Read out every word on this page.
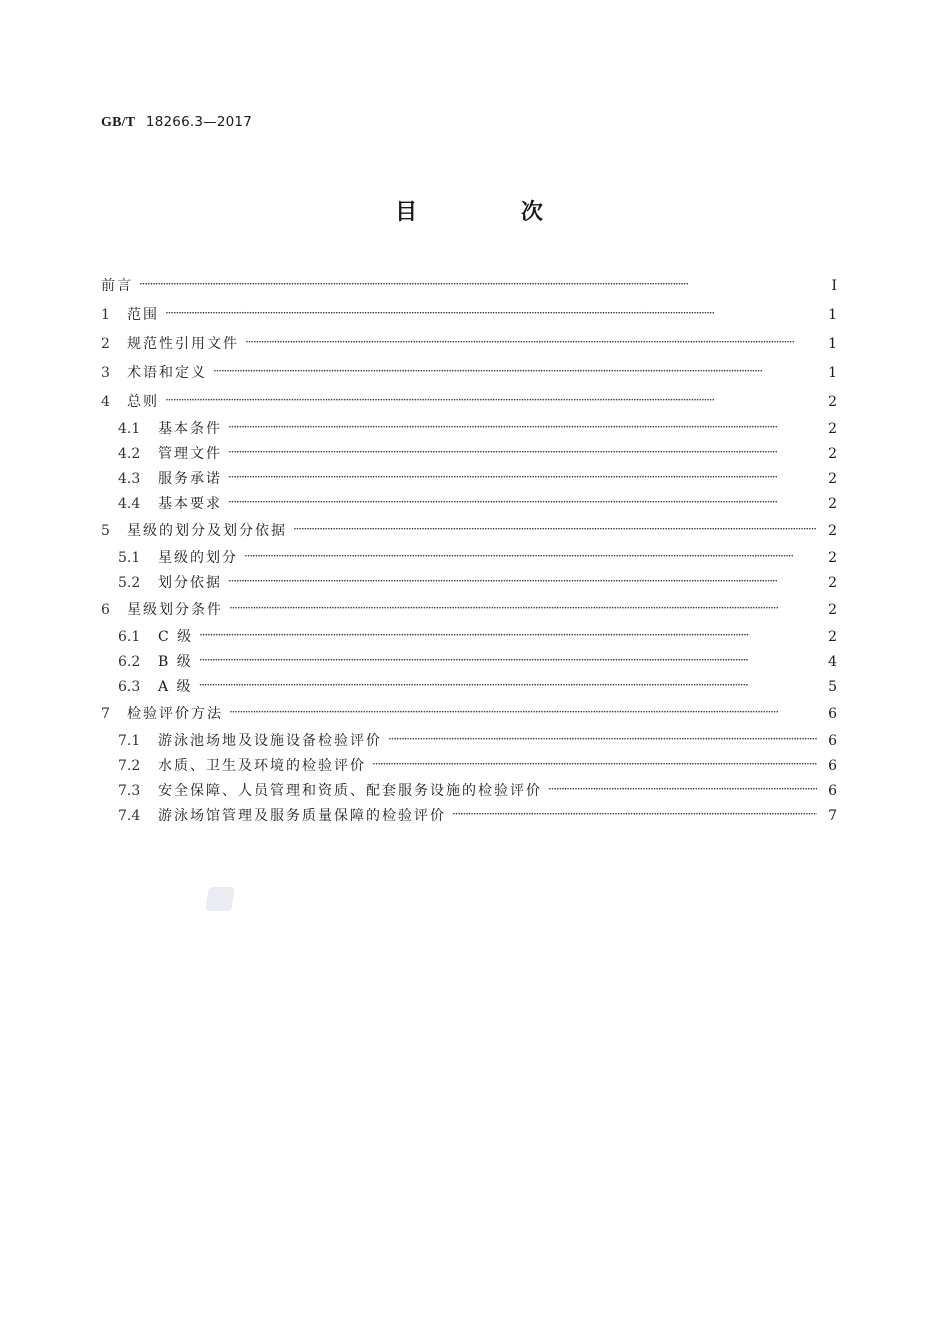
GB/T 18266.3—2017
目 次
前言 ·····	Ⅰ
1	范围 ·····	1
2	规范性引用文件 ·····	1
3	术语和定义 ·····	1
4	总则 ·····	2
4.1	基本条件 ·····	2
4.2	管理文件 ·····	2
4.3	服务承诺 ·····	2
4.4	基本要求 ·····	2
5	星级的划分及划分依据 ·····	2
5.1	星级的划分 ·····	2
5.2	划分依据 ·····	2
6	星级划分条件 ·····	2
6.1	C 级 ·····	2
6.2	B 级 ·····	4
6.3	A 级 ·····	5
7	检验评价方法 ·····	6
7.1	游泳池场地及设施设备检验评价 ·····	6
7.2	水质、卫生及环境的检验评价 ·····	6
7.3	安全保障、人员管理和资质、配套服务设施的检验评价 ·····	6
7.4	游泳场馆管理及服务质量保障的检验评价 ·····	7
